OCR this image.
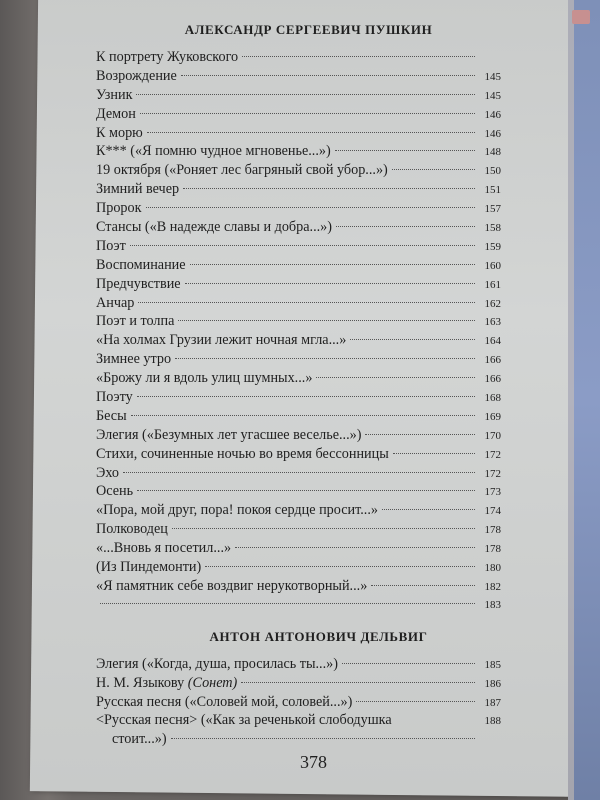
АЛЕКСАНДР СЕРГЕЕВИЧ ПУШКИН
К портрету Жуковского
Возрождение	145
Узник	145
Демон	146
К морю	146
К*** («Я помню чудное мгновенье...»)	148
19 октября («Роняет лес багряный свой убор...»)	150
Зимний вечер	151
Пророк	157
Стансы («В надежде славы и добра...»)	158
Поэт	159
Воспоминание	160
Предчувствие	161
Анчар	162
Поэт и толпа	163
«На холмах Грузии лежит ночная мгла...»	164
Зимнее утро	166
«Брожу ли я вдоль улиц шумных...»	166
Поэту	168
Бесы	169
Элегия («Безумных лет угасшее веселье...»)	170
Стихи, сочиненные ночью во время бессонницы	172
Эхо	172
Осень	173
«Пора, мой друг, пора! покоя сердце просит...»	174
Полководец	178
«...Вновь я посетил...»	178
(Из Пиндемонти)	180
«Я памятник себе воздвиг нерукотворный...»	182
183
АНТОН АНТОНОВИЧ ДЕЛЬВИГ
Элегия («Когда, душа, просилась ты...»)	185
Н. М. Языкову (Сонет)	186
Русская песня («Соловей мой, соловей...»)	187
<Русская песня> («Как за реченькой слободушка	188
стоит...»)
378
